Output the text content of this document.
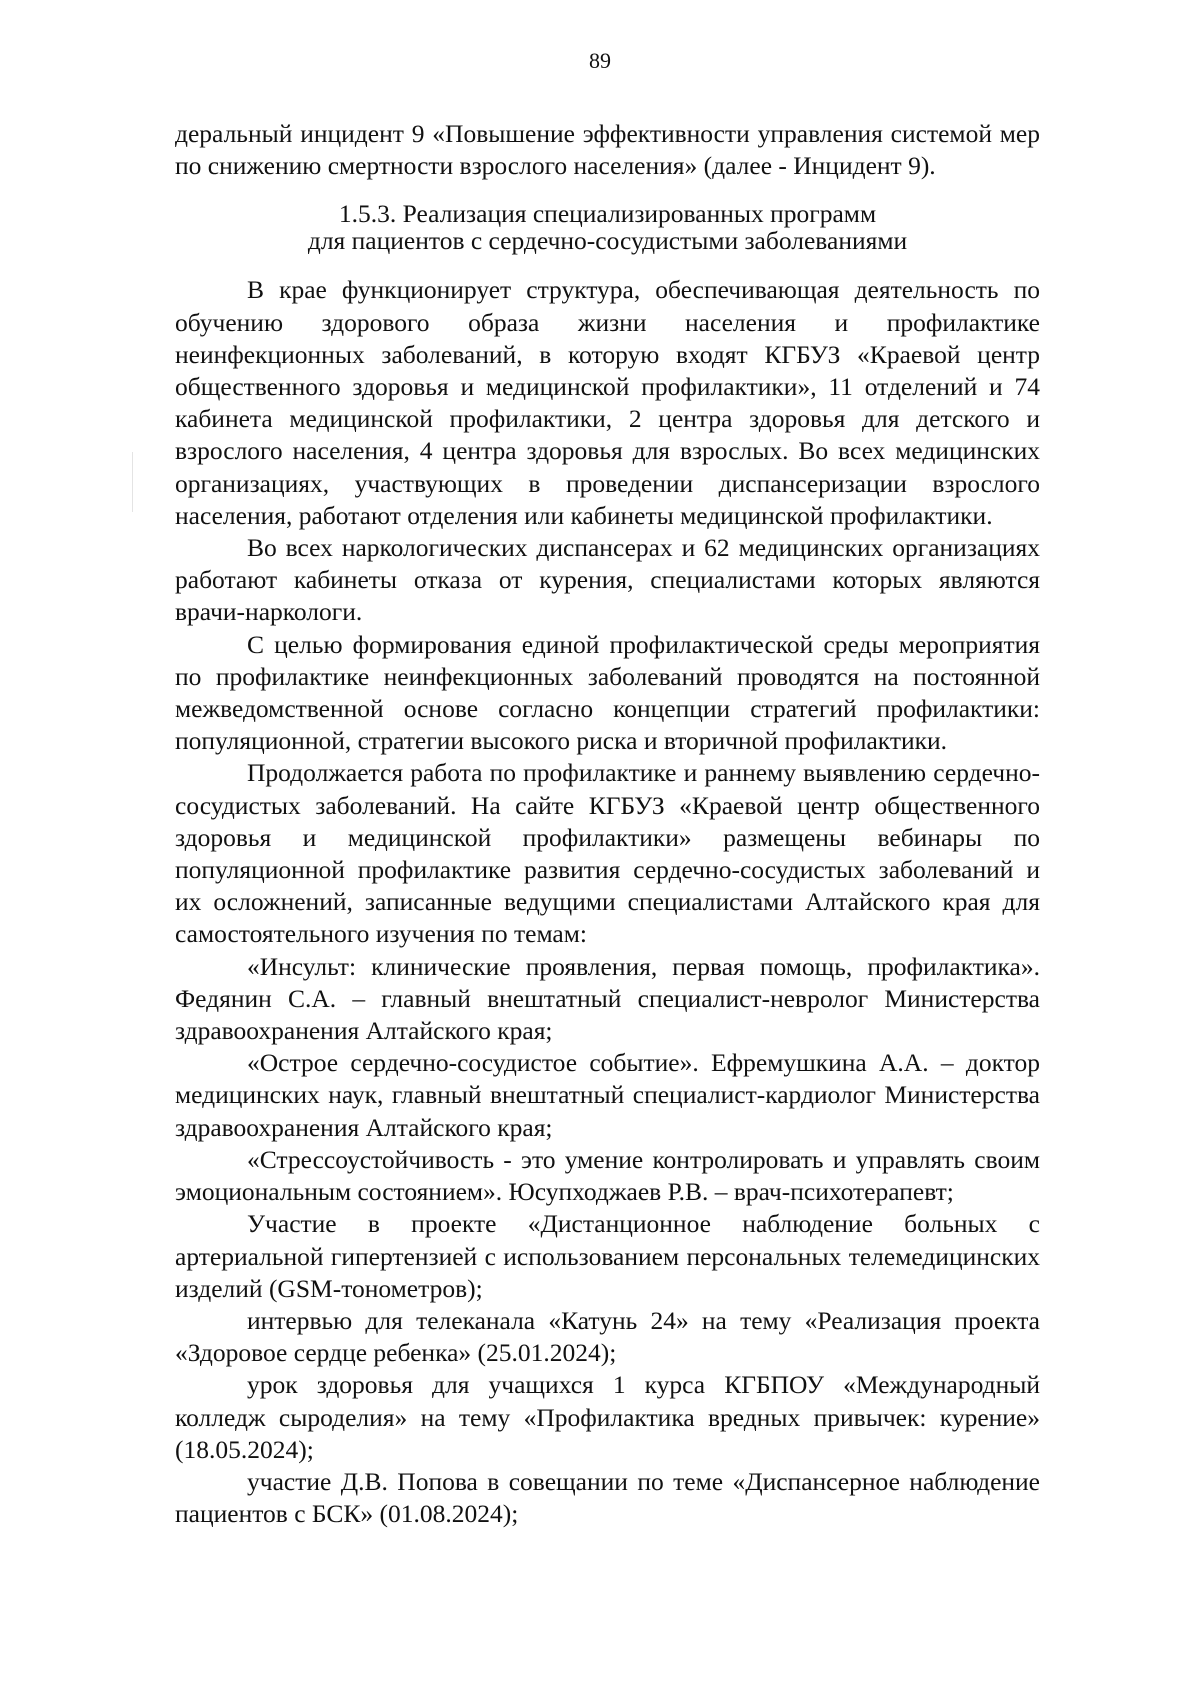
89

деральный инцидент 9 «Повышение эффективности управления системой мер по снижению смертности взрослого населения» (далее - Инцидент 9).

1.5.3. Реализация специализированных программ
для пациентов с сердечно-сосудистыми заболеваниями

В крае функционирует структура, обеспечивающая деятельность по обучению здорового образа жизни населения и профилактике неинфекционных заболеваний, в которую входят КГБУЗ «Краевой центр общественного здоровья и медицинской профилактики», 11 отделений и 74 кабинета медицинской профилактики, 2 центра здоровья для детского и взрослого населения, 4 центра здоровья для взрослых. Во всех медицинских организациях, участвующих в проведении диспансеризации взрослого населения, работают отделения или кабинеты медицинской профилактики.

Во всех наркологических диспансерах и 62 медицинских организациях работают кабинеты отказа от курения, специалистами которых являются врачи-наркологи.

С целью формирования единой профилактической среды мероприятия по профилактике неинфекционных заболеваний проводятся на постоянной межведомственной основе согласно концепции стратегий профилактики: популяционной, стратегии высокого риска и вторичной профилактики.

Продолжается работа по профилактике и раннему выявлению сердечно-сосудистых заболеваний. На сайте КГБУЗ «Краевой центр общественного здоровья и медицинской профилактики» размещены вебинары по популяционной профилактике развития сердечно-сосудистых заболеваний и их осложнений, записанные ведущими специалистами Алтайского края для самостоятельного изучения по темам:

«Инсульт: клинические проявления, первая помощь, профилактика». Федянин С.А. – главный внештатный специалист-невролог Министерства здравоохранения Алтайского края;

«Острое сердечно-сосудистое событие». Ефремушкина А.А. – доктор медицинских наук, главный внештатный специалист-кардиолог Министерства здравоохранения Алтайского края;

«Стрессоустойчивость - это умение контролировать и управлять своим эмоциональным состоянием». Юсупходжаев Р.В. – врач-психотерапевт;

Участие в проекте «Дистанционное наблюдение больных с артериальной гипертензией с использованием персональных телемедицинских изделий (GSM-тонометров);

интервью для телеканала «Катунь 24» на тему «Реализация проекта «Здоровое сердце ребенка» (25.01.2024);

урок здоровья для учащихся 1 курса КГБПОУ «Международный колледж сыроделия» на тему «Профилактика вредных привычек: курение» (18.05.2024);

участие Д.В. Попова в совещании по теме «Диспансерное наблюдение пациентов с БСК» (01.08.2024);
